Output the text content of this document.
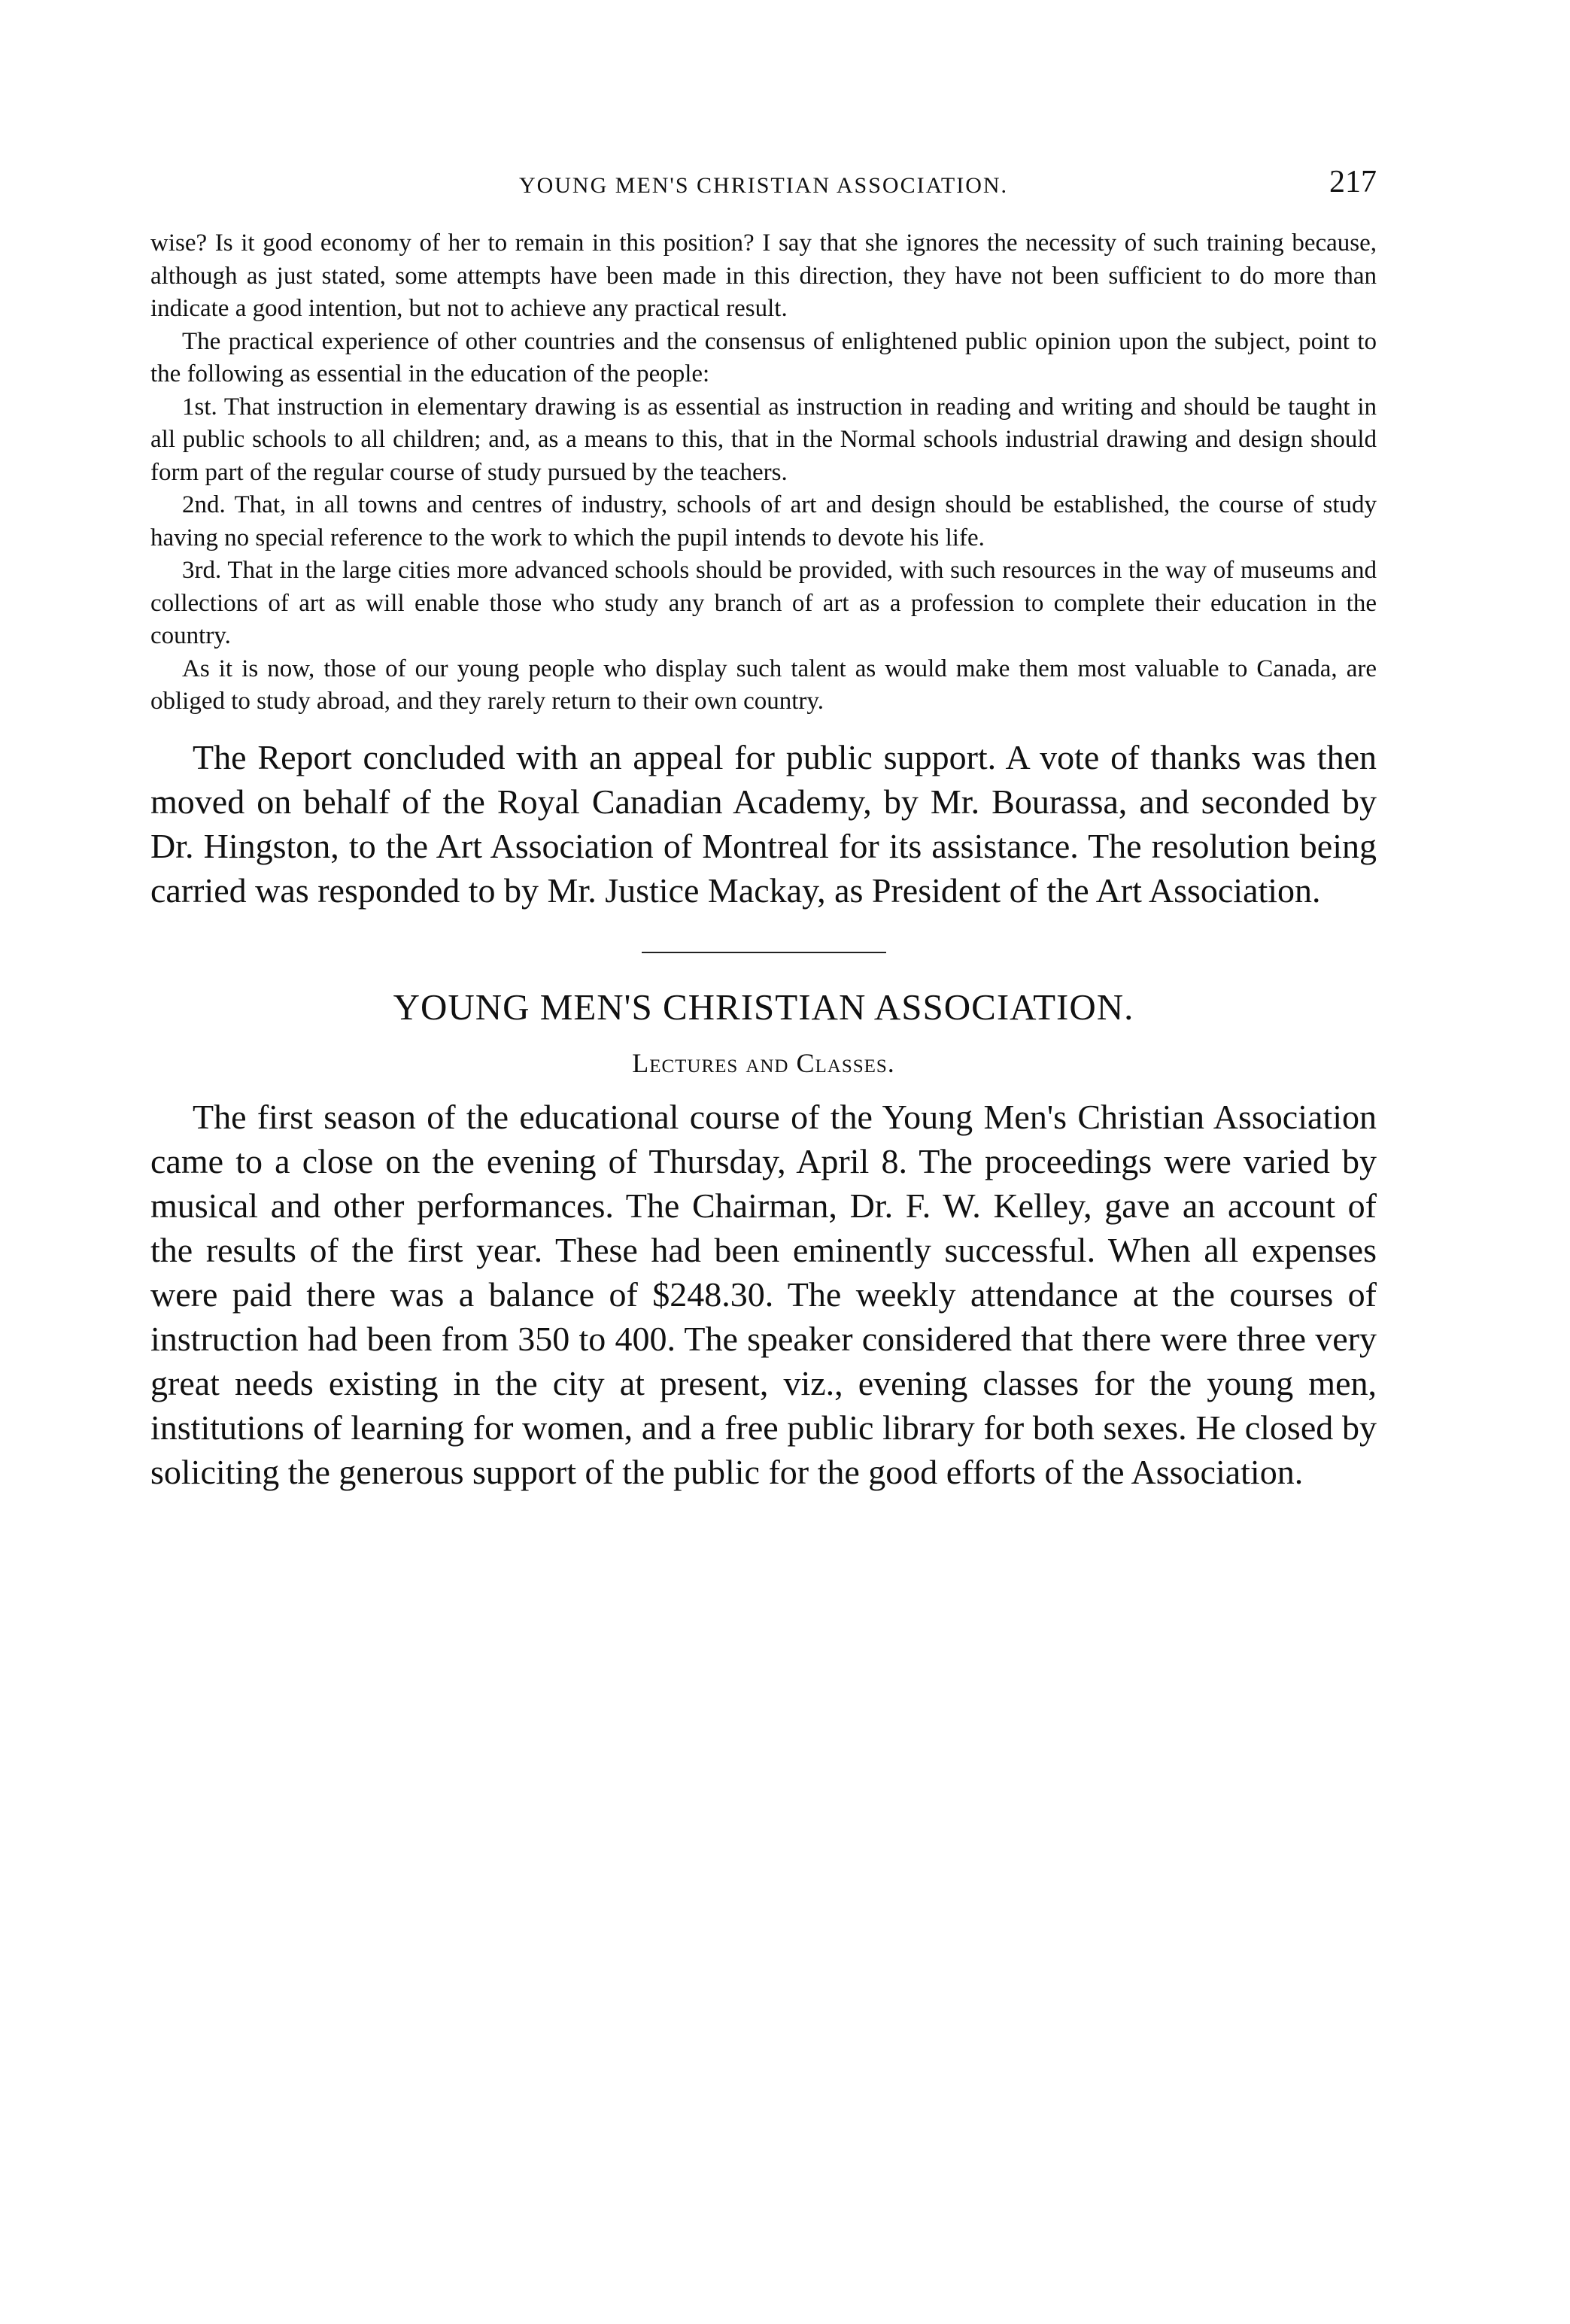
YOUNG MEN'S CHRISTIAN ASSOCIATION.	217

wise? Is it good economy of her to remain in this position? I say that she ignores the necessity of such training because, although as just stated, some attempts have been made in this direction, they have not been sufficient to do more than indicate a good intention, but not to achieve any practical result.

The practical experience of other countries and the consensus of enlightened public opinion upon the subject, point to the following as essential in the education of the people:

1st. That instruction in elementary drawing is as essential as instruction in reading and writing and should be taught in all public schools to all children; and, as a means to this, that in the Normal schools industrial drawing and design should form part of the regular course of study pursued by the teachers.

2nd. That, in all towns and centres of industry, schools of art and design should be established, the course of study having no special reference to the work to which the pupil intends to devote his life.

3rd. That in the large cities more advanced schools should be provided, with such resources in the way of museums and collections of art as will enable those who study any branch of art as a profession to complete their education in the country.

As it is now, those of our young people who display such talent as would make them most valuable to Canada, are obliged to study abroad, and they rarely return to their own country.

The Report concluded with an appeal for public support. A vote of thanks was then moved on behalf of the Royal Canadian Academy, by Mr. Bourassa, and seconded by Dr. Hingston, to the Art Association of Montreal for its assistance. The resolution being carried was responded to by Mr. Justice Mackay, as President of the Art Association.

YOUNG MEN'S CHRISTIAN ASSOCIATION.
Lectures and Classes.

The first season of the educational course of the Young Men's Christian Association came to a close on the evening of Thursday, April 8. The proceedings were varied by musical and other performances. The Chairman, Dr. F. W. Kelley, gave an account of the results of the first year. These had been eminently successful. When all expenses were paid there was a balance of $248.30. The weekly attendance at the courses of instruction had been from 350 to 400. The speaker considered that there were three very great needs existing in the city at present, viz., evening classes for the young men, institutions of learning for women, and a free public library for both sexes. He closed by soliciting the generous support of the public for the good efforts of the Association.
